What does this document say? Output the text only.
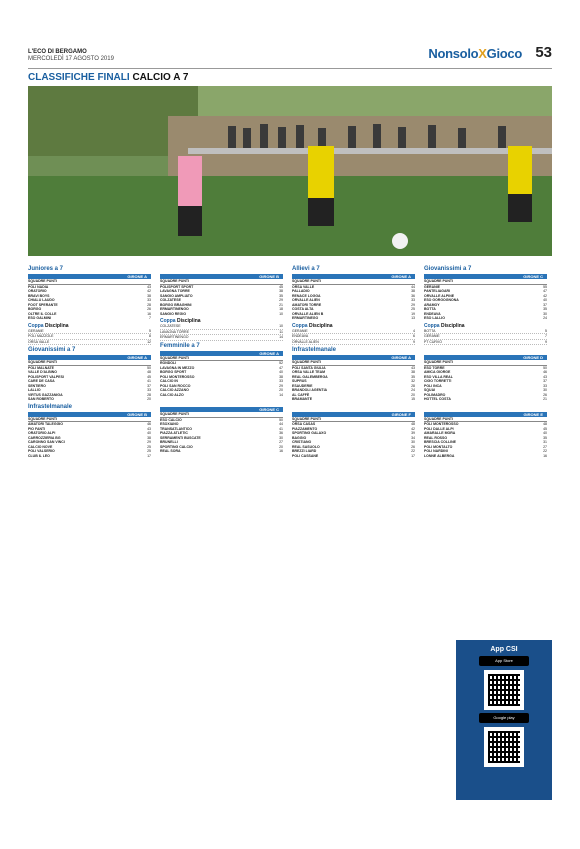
L'ECO DI BERGAMO
MERCOLEDÌ 17 AGOSTO 2019	NonsoloXGioco 53
CLASSIFICHE FINALI CALCIO A 7
Juniores a 7
GIRONE A
SQUADRE PUNTI
POLI NADIA	43
ORATORIO	42
BRAVI BOYS	38
CHIALU LAUDO	33
FOOT SPERANTE	28
BORGO	26
OLTRE IL COLLE	16
ESO GALMINI	7
Coppa Disciplina
GERANIE	5
POLI MAZZOLE	8
ORSA VALLE	12
Giovanissimi a 7
GIRONE A
SQUADRE PUNTI
POLI MALNATE	50
VALLE D'ALBINO	48
POLISPORT VALPESI	45
CARE DE CASA	41
SENTIERO	37
LALLIO	33
VIRTUS GAZZANIGA	28
SAN ROBERTO	20
Infrastelmanale
GIRONE B
SQUADRE PUNTI
AMATORI TALEGGIO	46
PIO FANTI	43
ORATORIO ALPI	40
CARROZZIERIA BG	38
CARONNO SAN VINCI	29
CALCIO NOVE	25
POLI VALSERIO	25
CLUB IL LEO	17
GIRONE B
SQUADRE PUNTI
POLISPORT SPORT	45
LAVAGNA TORRE	38
SANGIO AMPLIATO	35
COLZATESE	29
BORGO BRAGHINI	21
ERMARTINENGO	18
SANGIO REGIO	10
Coppa Disciplina
COLZATESE	10
LAVAGNA TORRE	11
ERMARTINENGO	14
Femminile a 7
GIRONE A
SQUADRE PUNTI
RONDOLI	52
LAVAGNA IN MEZZO	47
BORGO SPORT	40
POLI MONTEROSSO	38
CALCIO IN	33
POLI SAN ROCCO	29
CALCIO AZZANO	20
CALCIO ALZO	14
GIRONE C
SQUADRE PUNTI
ESO CALCIO	50
ESOXIANO	44
TRANSATLANTICO	41
PIAZZA ATLETIC	36
SERRAMENTI BUSCATE	30
BRUNELLI	27
SPORTING CALCIO	20
REAL SORA	16
Allievi a 7
GIRONE A
SQUADRE PUNTI
ORSA VALLE	44
PALLADIO	38
RENACE LOGGA	36
ORVALLE ALIEN	33
AMATORI TORRE	29
COSTA ALTA	25
ORVALLE ALIEN B	19
ERMARTINEGO	13
Coppa Disciplina
GERANIE	4
ENDEAVA	6
ORVALLE ALIEN	9
Infrastelmanale
GIRONE A
SQUADRE PUNTI
POLI SANTA GIULIA	43
ORSA VALLE TEAM	38
REAL GALEMBERGA	35
SUPRUS	32
ESAUDERIE	28
BRANDOLI AGENTIA	24
AL CAFFÈ	20
BRAMANTE	15
GIRONE F
SQUADRE PUNTI
ORSA CASAS	48
PIAZZAMENTO	42
SPORTING GALAXO	39
BAGGIO	34
CRISTIANO	30
REAL SASUOLO	26
BREZZI LIARD	22
POLI CASSANE	17
Giovanissimi a 7
GIRONE C
SQUADRE PUNTI
GERANIE	55
PANTELIAGARI	47
ORVALLE ALPINE	42
ESO GORGOGNONA	40
ARAMOY	37
BOTTA	35
ENDEAVA	30
ESO LALLIO	24
Coppa Disciplina
BOTTA	5
GERANIE	7
PT CURVO	9
GIRONE D
SQUADRE PUNTI
ESO TORRE	50
AMICA GIORGE	46
ESO VILLA REAL	43
CIGO TORRETTI	37
POLI INCA	33
SQUAI	30
POLIMADRO	26
HOTTEL COSTA	21
GIRONE E
SQUADRE PUNTI
POLI MONTEROSSO	48
POLI DALLE ALPI	45
AMARALLE MORA	40
REAL ROSSO	35
BRESCIA COLLINE	31
POLI MONTALTO	27
POLI NARDINI	22
LONNE ALBERGA	16
App CSI
App Store
Google play
